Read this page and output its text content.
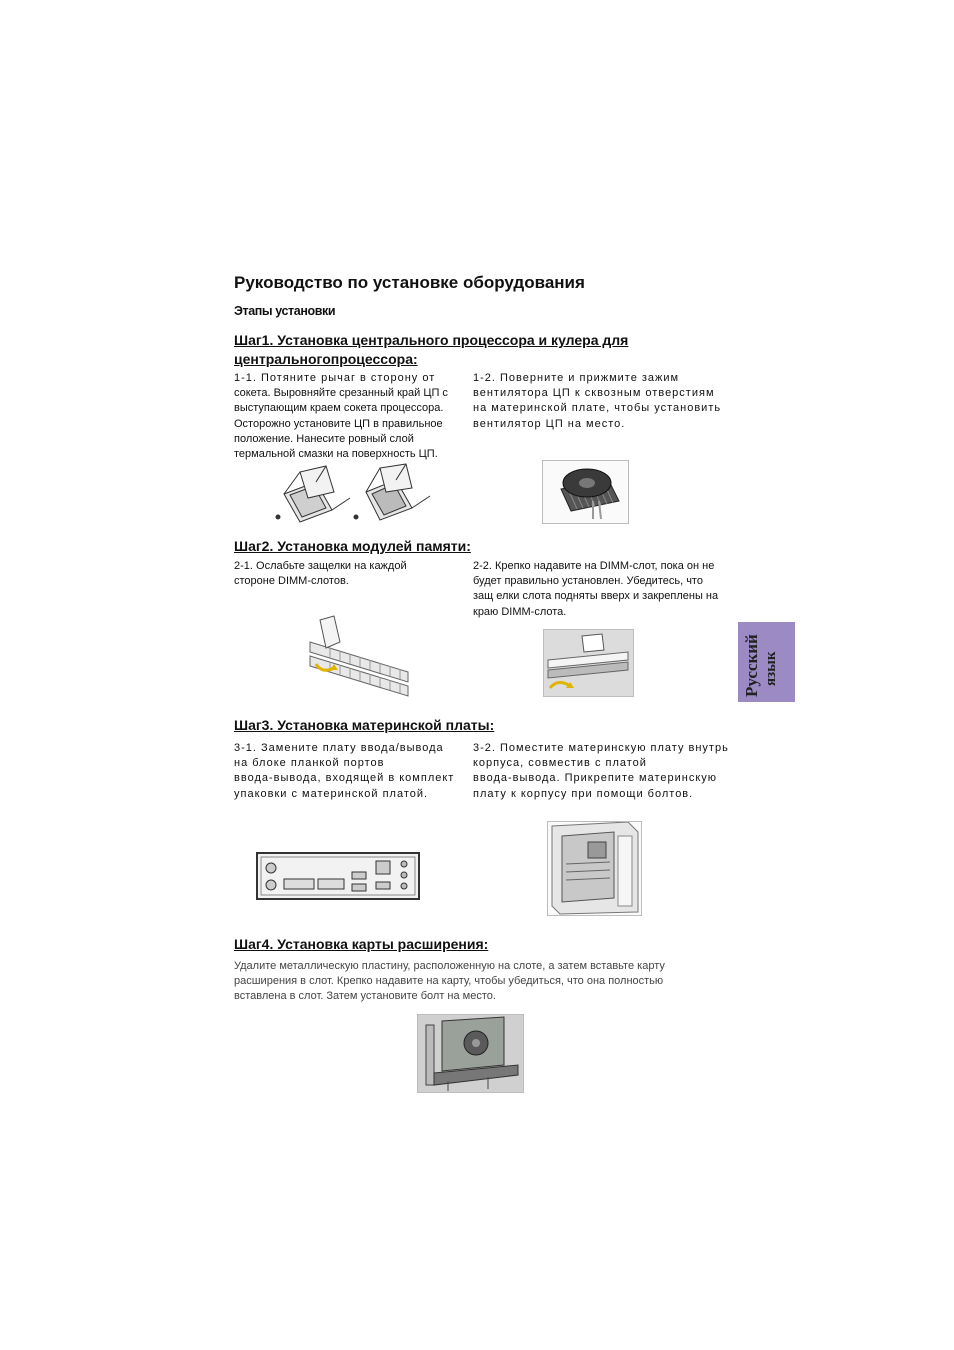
Руководство по установке оборудования
Этапы установки
Шаг1. Установка центрального процессора и кулера для
центральногопроцессора:
1-1. Потяните рычаг в сторону от
сокета. Выровняйте срезанный край ЦП с
выступающим краем сокета процессора.
Осторожно установите ЦП в правильное
положение. Нанесите ровный слой
термальной смазки на поверхность ЦП.
1-2. Поверните и прижмите зажим
вентилятора ЦП к сквозным отверстиям
на материнской плате, чтобы установить
вентилятор ЦП на место.
Шаг2. Установка модулей памяти:
2-1. Ослабьте защелки на каждой
стороне DIMM-слотов.
2-2. Крепко надавите на DIMM-слот, пока он не
будет правильно установлен. Убедитесь, что
защ елки слота подняты вверх и закреплены на
краю DIMM-слота.
Русский язык
Шаг3. Установка материнской платы:
3-1. Замените плату ввода/вывода
на блоке планкой портов
ввода-вывода, входящей в комплект
упаковки с материнской платой.
3-2. Поместите материнскую плату внутрь
корпуса, совместив с платой
ввода-вывода. Прикрепите материнскую
плату к корпусу при помощи болтов.
Шаг4. Установка карты расширения:
Удалите металлическую пластину, расположенную на слоте, а затем вставьте карту
расширения в слот. Крепко надавите на карту, чтобы убедиться, что она полностью
вставлена в слот. Затем установите болт на место.
